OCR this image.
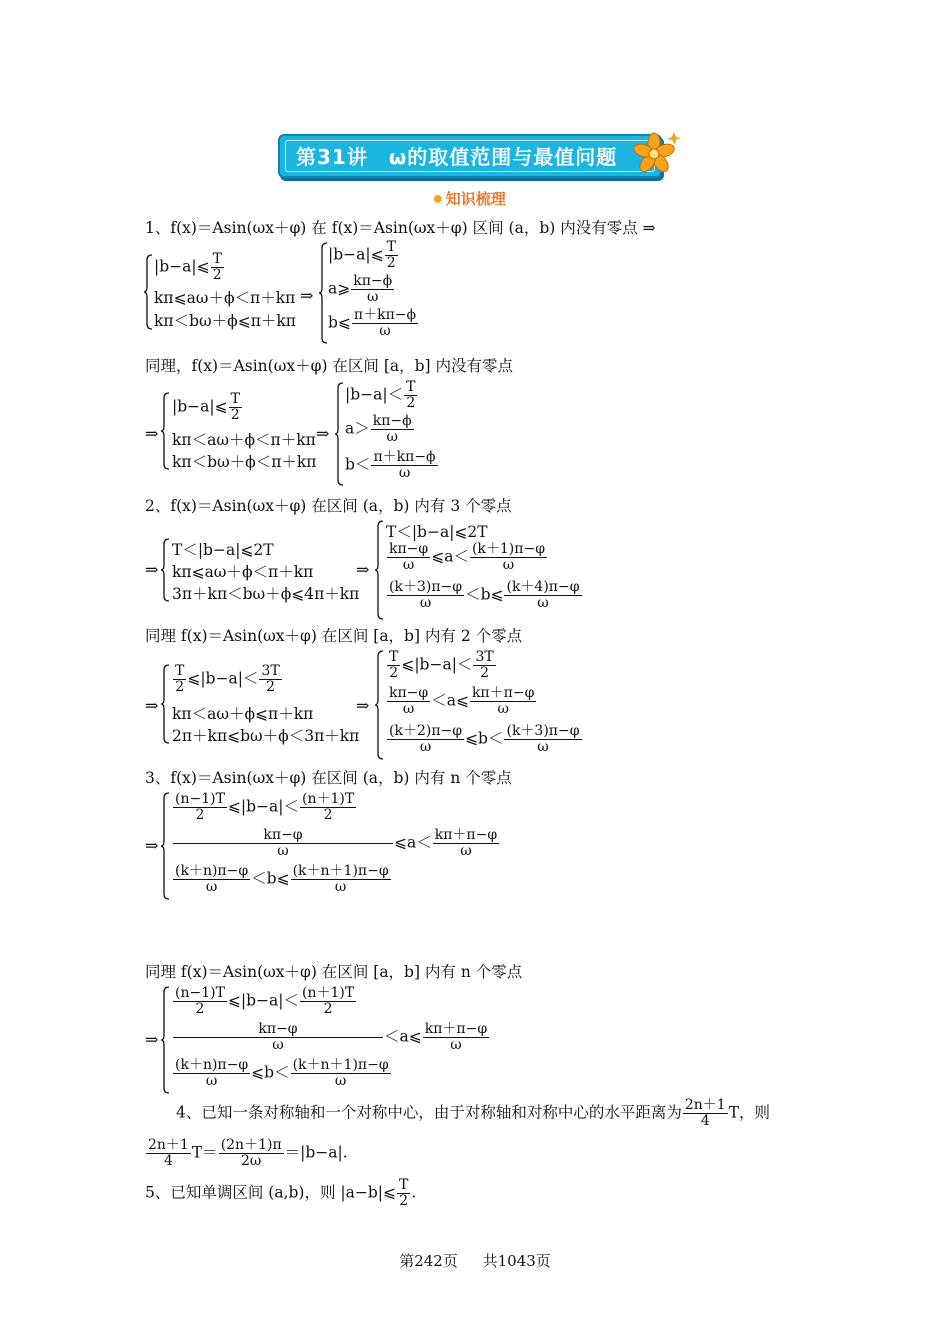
第31讲　ω的取值范围与最值问题
✹ 知识梳理
1、f(x)＝Asin(ωx＋φ) 在 f(x)＝Asin(ωx＋φ) 区间 (a，b) 内没有零点 ⇒
|b−a|⩽ $\frac{T}{2}$
kπ⩽aω＋ϕ＜π＋kπ
kπ＜bω＋ϕ⩽π＋kπ
⇒
|b−a|⩽ $\frac{T}{2}$
a⩾ $\frac{k\pi-\phi}{\omega}$
b⩽ $\frac{\pi+k\pi-\phi}{\omega}$
同理，f(x)＝Asin(ωx＋φ) 在区间 [a，b] 内没有零点
⇒
|b−a|⩽ $\frac{T}{2}$
kπ＜aω＋ϕ＜π＋kπ
kπ＜bω＋ϕ＜π＋kπ
⇒
$|b-a|< \frac{T}{2}$
$a> \frac{k\pi-\phi}{\omega}$
$b< \frac{\pi+k\pi-\phi}{\omega}$
2、f(x)＝Asin(ωx＋φ) 在区间 (a，b) 内有 3 个零点
⇒
T＜|b−a|⩽2T
kπ⩽aω＋ϕ＜π＋kπ
3π＋kπ＜bω＋ϕ⩽4π＋kπ
⇒
T＜|b−a|⩽2T
$\frac{k\pi-\varphi}{\omega}$ ⩽a＜ $\frac{(k+1)\pi-\varphi}{\omega}$
$\frac{(k+3)\pi-\varphi}{\omega}$ ＜b⩽ $\frac{(k+4)\pi-\varphi}{\omega}$
同理 f(x)＝Asin(ωx＋φ) 在区间 [a，b] 内有 2 个零点
⇒
$\frac{T}{2}$ ⩽|b−a|＜ $\frac{3T}{2}$
kπ＜aω＋ϕ⩽π＋kπ
2π＋kπ⩽bω＋ϕ＜3π＋kπ
⇒
$\frac{T}{2}$ ⩽|b−a|＜ $\frac{3T}{2}$
$\frac{k\pi-\varphi}{\omega}$ ＜a⩽ $\frac{k\pi+\pi-\varphi}{\omega}$
$\frac{(k+2)\pi-\varphi}{\omega}$ ⩽b＜ $\frac{(k+3)\pi-\varphi}{\omega}$
3、f(x)＝Asin(ωx＋φ) 在区间 (a，b) 内有 n 个零点
⇒
$\frac{(n-1)T}{2}$ ⩽|b−a|＜ $\frac{(n+1)T}{2}$
$\frac{k\pi-\varphi}{\omega}$ ⩽a＜ $\frac{k\pi+\pi-\varphi}{\omega}$
$\frac{(k+n)\pi-\varphi}{\omega}$ ＜b⩽ $\frac{(k+n+1)\pi-\varphi}{\omega}$
同理 f(x)＝Asin(ωx＋φ) 在区间 [a，b] 内有 n 个零点
⇒
$\frac{(n-1)T}{2}$ ⩽|b−a|＜ $\frac{(n+1)T}{2}$
$\frac{k\pi-\varphi}{\omega}$ ＜a⩽ $\frac{k\pi+\pi-\varphi}{\omega}$
$\frac{(k+n)\pi-\varphi}{\omega}$ ⩽b＜ $\frac{(k+n+1)\pi-\varphi}{\omega}$
4、已知一条对称轴和一个对称中心，由于对称轴和对称中心的水平距离为 $\frac{2n+1}{4}$ T，则
$\frac{2n+1}{4} T= \frac{(2n+1)\pi}{2\omega} =|b-a|$.
5、已知单调区间 (a,b)，则 |a−b|⩽ $\frac{T}{2}$ .
第242页 共1043页
